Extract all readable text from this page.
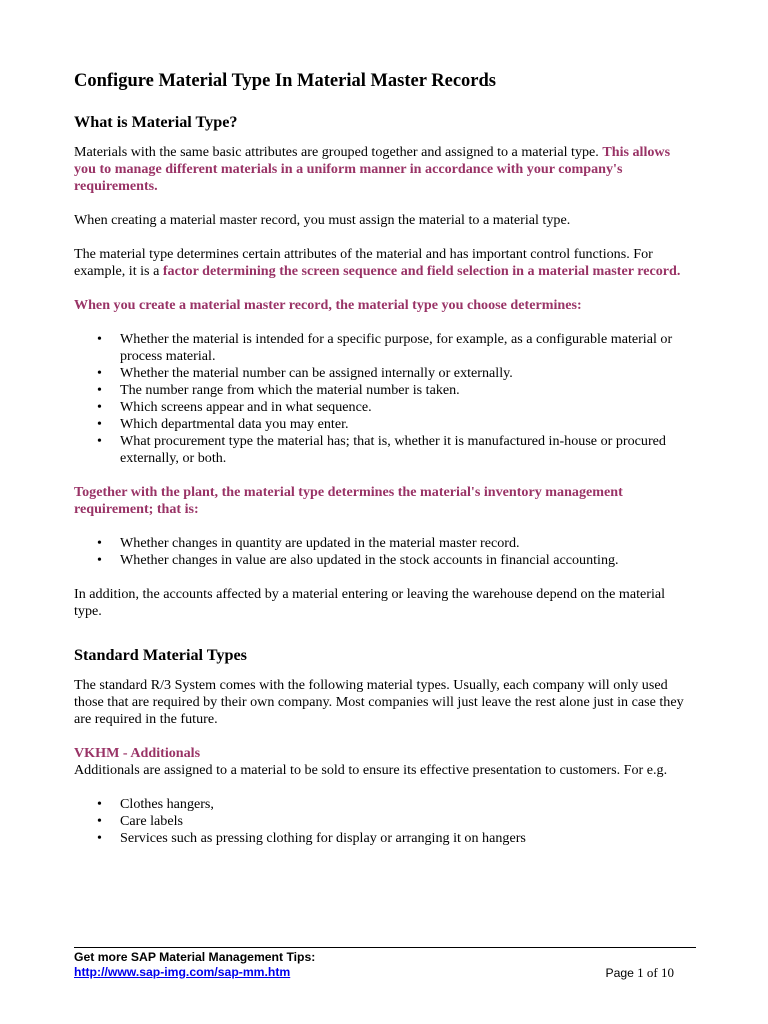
Configure Material Type In Material Master Records
What is Material Type?

Materials with the same basic attributes are grouped together and assigned to a material type. This allows you to manage different materials in a uniform manner in accordance with your company's requirements.

When creating a material master record, you must assign the material to a material type.

The material type determines certain attributes of the material and has important control functions. For example, it is a factor determining the screen sequence and field selection in a material master record.

When you create a material master record, the material type you choose determines:

• Whether the material is intended for a specific purpose, for example, as a configurable material or process material.
• Whether the material number can be assigned internally or externally.
• The number range from which the material number is taken.
• Which screens appear and in what sequence.
• Which departmental data you may enter.
• What procurement type the material has; that is, whether it is manufactured in-house or procured externally, or both.

Together with the plant, the material type determines the material's inventory management requirement; that is:

• Whether changes in quantity are updated in the material master record.
• Whether changes in value are also updated in the stock accounts in financial accounting.

In addition, the accounts affected by a material entering or leaving the warehouse depend on the material type.

Standard Material Types

The standard R/3 System comes with the following material types. Usually, each company will only used those that are required by their own company. Most companies will just leave the rest alone just in case they are required in the future.

VKHM - Additionals

Additionals are assigned to a material to be sold to ensure its effective presentation to customers. For e.g.

• Clothes hangers,
• Care labels
• Services such as pressing clothing for display or arranging it on hangers
Get more SAP Material Management Tips:
http://www.sap-img.com/sap-mm.htm	Page 1 of 10
